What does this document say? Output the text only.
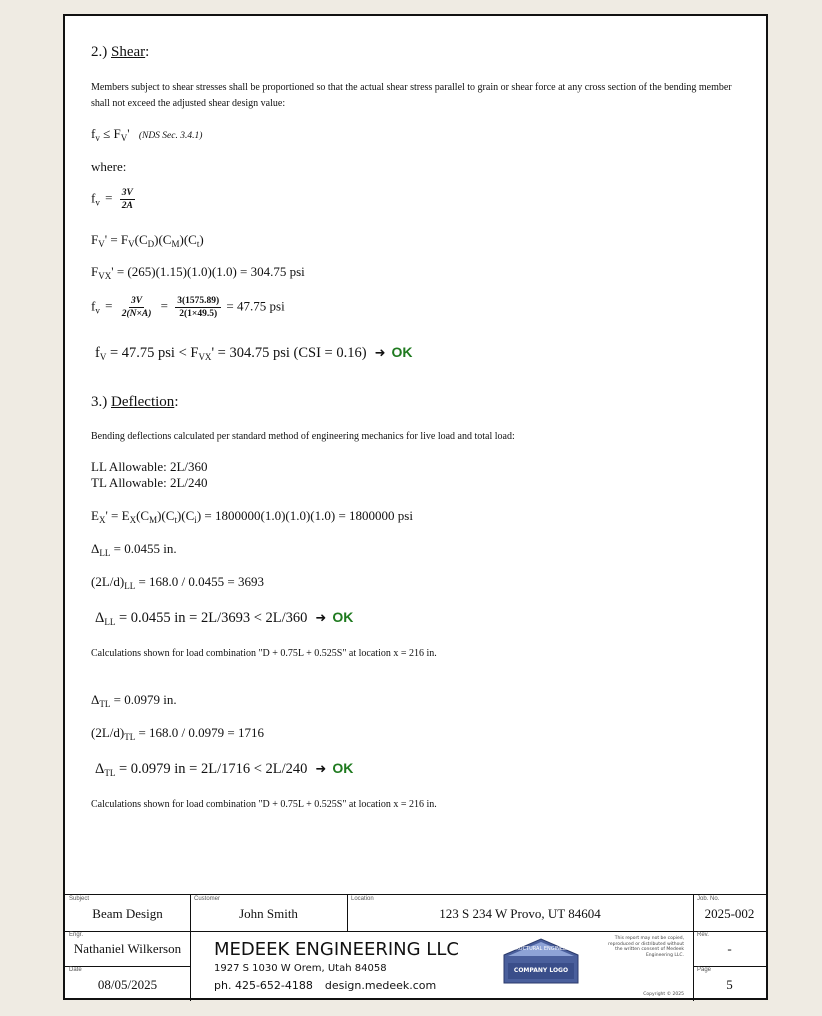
2.) Shear:
Members subject to shear stresses shall be proportioned so that the actual shear stress parallel to grain or shear force at any cross section of the bending member shall not exceed the adjusted shear design value:
$f_v \le F_V'$ (NDS Sec. 3.4.1)
where:
$f_v = \frac{3V}{2A}$
$F_V' = F_V(C_D)(C_M)(C_t)$
$F_{VX}' = (265)(1.15)(1.0)(1.0) = 304.75$ psi
$f_v = \frac{3V}{2(N\times A)} = \frac{3(1575.89)}{2(1\times 49.5)} = 47.75$ psi
$f_V = 47.75$ psi < $F_{VX}' = 304.75$ psi (CSI = 0.16) ➜ OK
3.) Deflection:
Bending deflections calculated per standard method of engineering mechanics for live load and total load:
LL Allowable: 2L/360
TL Allowable: 2L/240
$E_X' = E_X(C_M)(C_t)(C_i) = 1800000(1.0)(1.0)(1.0) = 1800000$ psi
$\Delta_{LL} = 0.0455$ in.
$(2L/d)_{LL} = 168.0 / 0.0455 = 3693$
$\Delta_{LL} = 0.0455$ in = 2L/3693 < 2L/360 ➜ OK
Calculations shown for load combination "D + 0.75L + 0.525S" at location x = 216 in.
$\Delta_{TL} = 0.0979$ in.
$(2L/d)_{TL} = 168.0 / 0.0979 = 1716$
$\Delta_{TL} = 0.0979$ in = 2L/1716 < 2L/240 ➜ OK
Calculations shown for load combination "D + 0.75L + 0.525S" at location x = 216 in.
Subject
Beam Design
Customer
John Smith
Location
123 S 234 W Provo, UT 84604
Job. No.
2025-002
Engr.
Nathaniel Wilkerson
Date
08/05/2025
MEDEEK ENGINEERING LLC
1927 S 1030 W Orem, Utah 84058
ph. 425-652-4188 design.medeek.com
STRUCTURAL ENGINEERS
COMPANY LOGO
This report may not be copied, reproduced or distributed without the written consent of Medeek Engineering LLC.
Copyright © 2025
Rev.
-
Page
5
